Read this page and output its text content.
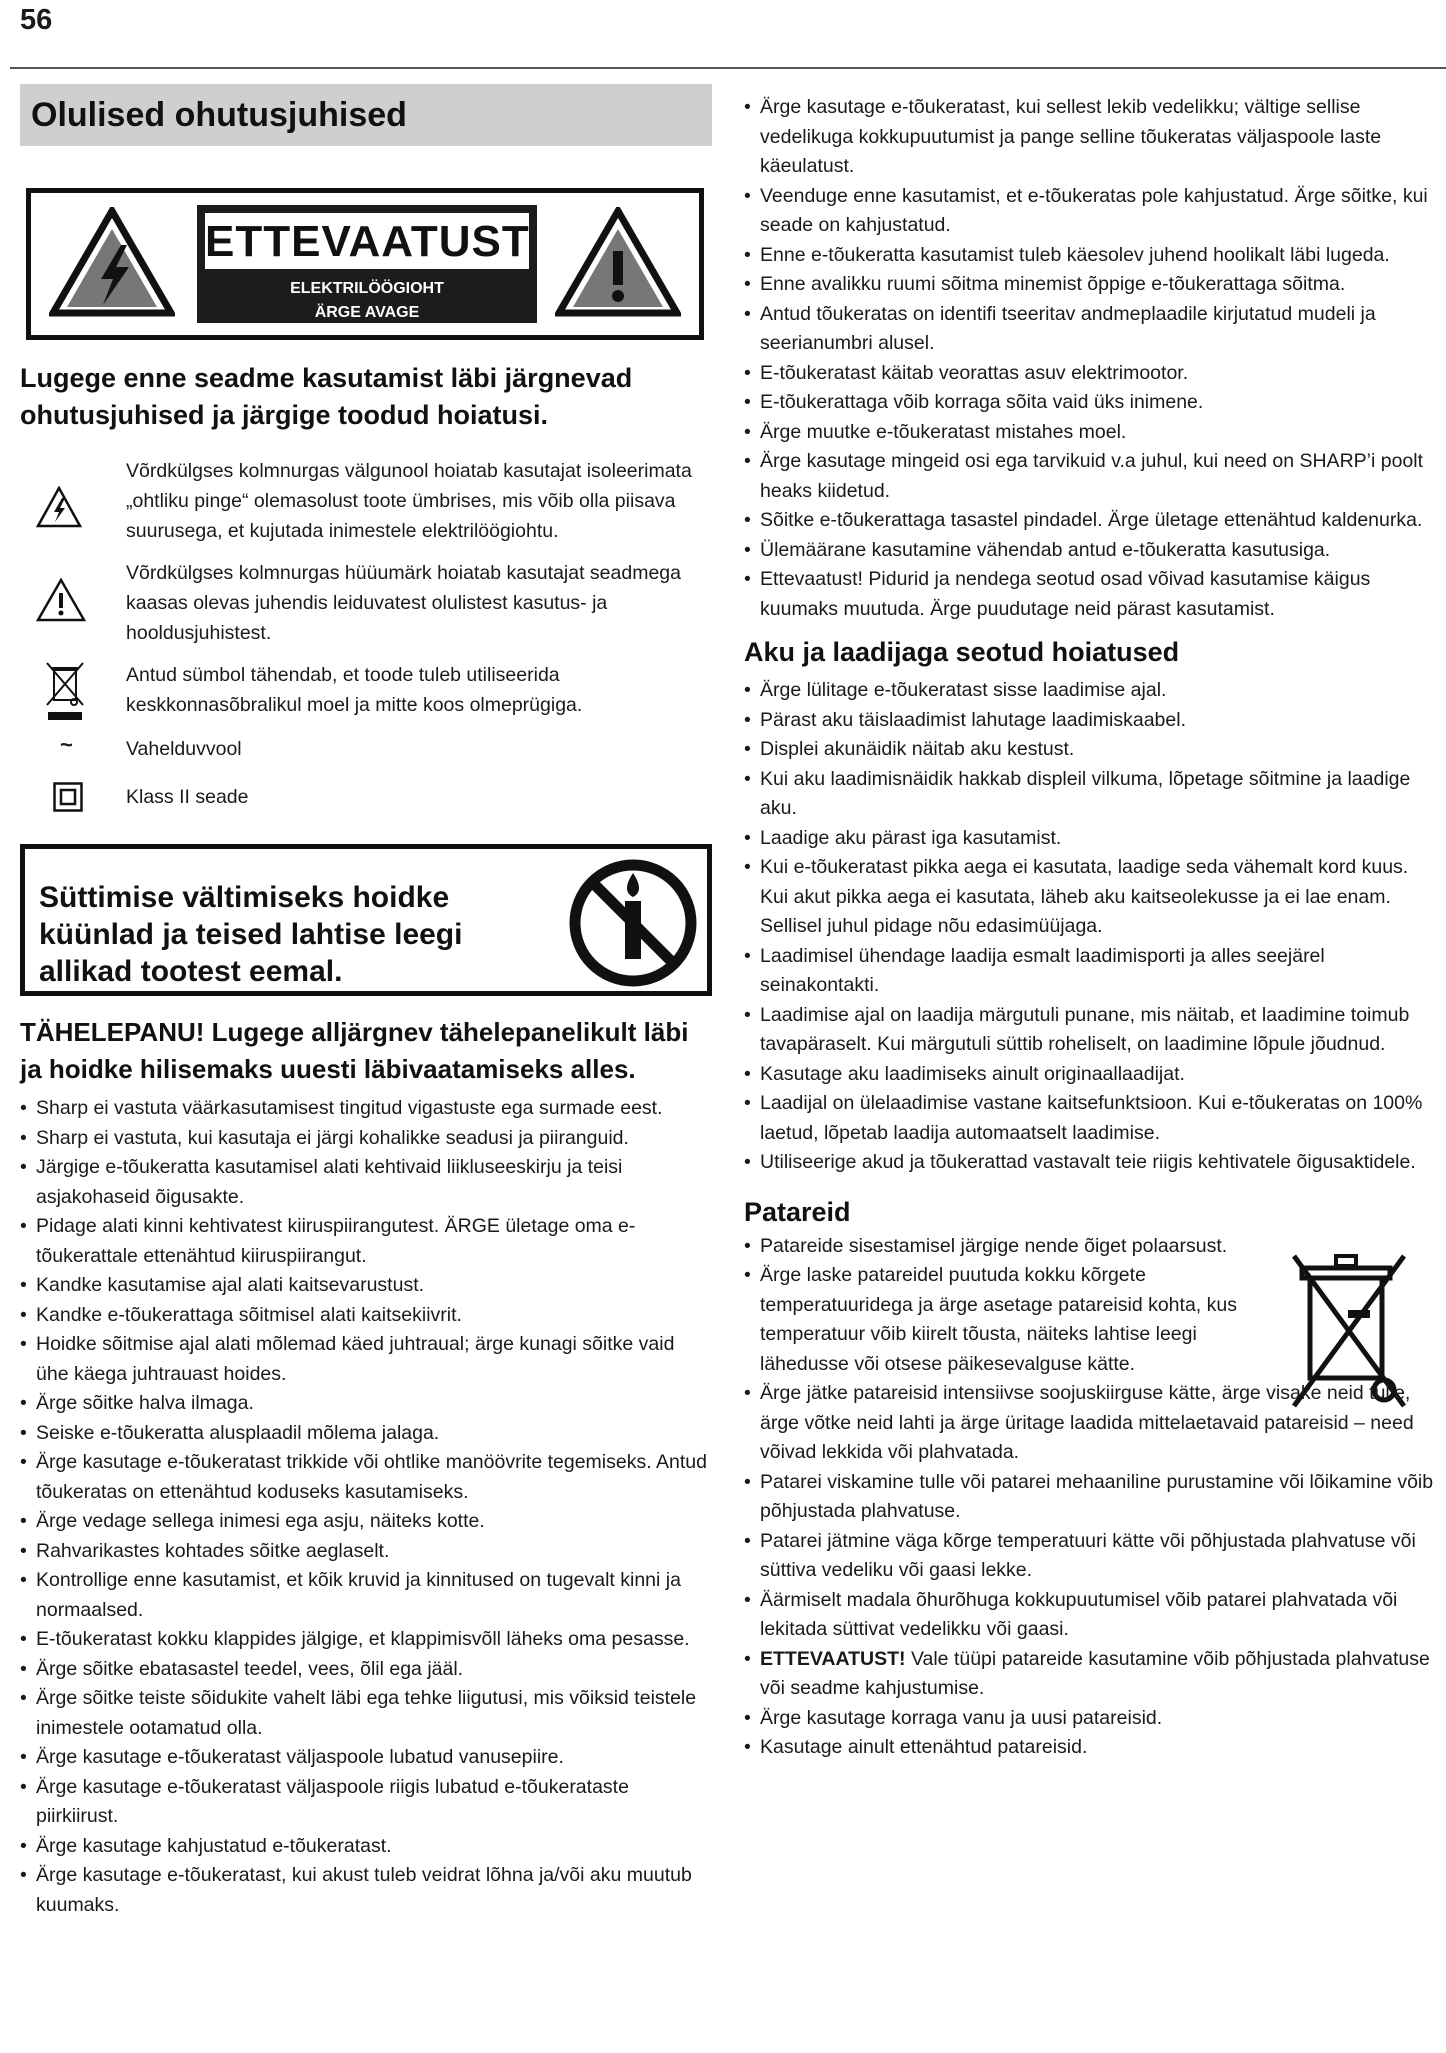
56
Olulised ohutusjuhised
ETTEVAATUST
ELEKTRILÖÖGIOHT
ÄRGE AVAGE
Lugege enne seadme kasutamist läbi järgnevad ohutusjuhised ja järgige toodud hoiatusi.
Võrdkülgses kolmnurgas välgunool hoiatab kasutajat isoleerimata „ohtliku pinge“ olemasolust toote ümbrises, mis võib olla piisava suurusega, et kujutada inimestele elektrilöögiohtu.
Võrdkülgses kolmnurgas hüüumärk hoiatab kasutajat seadmega kaasas olevas juhendis leiduvatest olulistest kasutus- ja hooldusjuhistest.
Antud sümbol tähendab, et toode tuleb utiliseerida keskkonnasõbralikul moel ja mitte koos olmeprügiga.
~	Vahelduvvool
Klass II seade
Süttimise vältimiseks hoidke küünlad ja teised lahtise leegi allikad tootest eemal.
TÄHELEPANU! Lugege alljärgnev tähelepanelikult läbi ja hoidke hilisemaks uuesti läbivaatamiseks alles.
• Sharp ei vastuta väärkasutamisest tingitud vigastuste ega surmade eest.
• Sharp ei vastuta, kui kasutaja ei järgi kohalikke seadusi ja piiranguid.
• Järgige e-tõukeratta kasutamisel alati kehtivaid liikluseeskirju ja teisi asjakohaseid õigusakte.
• Pidage alati kinni kehtivatest kiiruspiirangutest. ÄRGE ületage oma e-tõukerattale ettenähtud kiiruspiirangut.
• Kandke kasutamise ajal alati kaitsevarustust.
• Kandke e-tõukerattaga sõitmisel alati kaitsekiivrit.
• Hoidke sõitmise ajal alati mõlemad käed juhtraual; ärge kunagi sõitke vaid ühe käega juhtrauast hoides.
• Ärge sõitke halva ilmaga.
• Seiske e-tõukeratta alusplaadil mõlema jalaga.
• Ärge kasutage e-tõukeratast trikkide või ohtlike manöövrite tegemiseks. Antud tõukeratas on ettenähtud koduseks kasutamiseks.
• Ärge vedage sellega inimesi ega asju, näiteks kotte.
• Rahvarikastes kohtades sõitke aeglaselt.
• Kontrollige enne kasutamist, et kõik kruvid ja kinnitused on tugevalt kinni ja normaalsed.
• E-tõukeratast kokku klappides jälgige, et klappimisvõll läheks oma pesasse.
• Ärge sõitke ebatasastel teedel, vees, õlil ega jääl.
• Ärge sõitke teiste sõidukite vahelt läbi ega tehke liigutusi, mis võiksid teistele inimestele ootamatud olla.
• Ärge kasutage e-tõukeratast väljaspoole lubatud vanusepiire.
• Ärge kasutage e-tõukeratast väljaspoole riigis lubatud e-tõukerataste piirkiirust.
• Ärge kasutage kahjustatud e-tõukeratast.
• Ärge kasutage e-tõukeratast, kui akust tuleb veidrat lõhna ja/või aku muutub kuumaks.
• Ärge kasutage e-tõukeratast, kui sellest lekib vedelikku; vältige sellise vedelikuga kokkupuutumist ja pange selline tõukeratas väljaspoole laste käeulatust.
• Veenduge enne kasutamist, et e-tõukeratas pole kahjustatud. Ärge sõitke, kui seade on kahjustatud.
• Enne e-tõukeratta kasutamist tuleb käesolev juhend hoolikalt läbi lugeda.
• Enne avalikku ruumi sõitma minemist õppige e-tõukerattaga sõitma.
• Antud tõukeratas on identifi tseeritav andmeplaadile kirjutatud mudeli ja seerianumbri alusel.
• E-tõukeratast käitab veorattas asuv elektrimootor.
• E-tõukerattaga võib korraga sõita vaid üks inimene.
• Ärge muutke e-tõukeratast mistahes moel.
• Ärge kasutage mingeid osi ega tarvikuid v.a juhul, kui need on SHARP’i poolt heaks kiidetud.
• Sõitke e-tõukerattaga tasastel pindadel. Ärge ületage ettenähtud kaldenurka.
• Ülemäärane kasutamine vähendab antud e-tõukeratta kasutusiga.
• Ettevaatust! Pidurid ja nendega seotud osad võivad kasutamise käigus kuumaks muutuda. Ärge puudutage neid pärast kasutamist.
Aku ja laadijaga seotud hoiatused
• Ärge lülitage e-tõukeratast sisse laadimise ajal.
• Pärast aku täislaadimist lahutage laadimiskaabel.
• Displei akunäidik näitab aku kestust.
• Kui aku laadimisnäidik hakkab displeil vilkuma, lõpetage sõitmine ja laadige aku.
• Laadige aku pärast iga kasutamist.
• Kui e-tõukeratast pikka aega ei kasutata, laadige seda vähemalt kord kuus. Kui akut pikka aega ei kasutata, läheb aku kaitseolekusse ja ei lae enam. Sellisel juhul pidage nõu edasimüüjaga.
• Laadimisel ühendage laadija esmalt laadimisporti ja alles seejärel seinakontakti.
• Laadimise ajal on laadija märgutuli punane, mis näitab, et laadimine toimub tavapäraselt. Kui märgutuli süttib roheliselt, on laadimine lõpule jõudnud.
• Kasutage aku laadimiseks ainult originaallaadijat.
• Laadijal on ülelaadimise vastane kaitsefunktsioon. Kui e-tõukeratas on 100% laetud, lõpetab laadija automaatselt laadimise.
• Utiliseerige akud ja tõukerattad vastavalt teie riigis kehtivatele õigusaktidele.
Patareid
• Patareide sisestamisel järgige nende õiget polaarsust.
• Ärge laske patareidel puutuda kokku kõrgete temperatuuridega ja ärge asetage patareisid kohta, kus temperatuur võib kiirelt tõusta, näiteks lahtise leegi lähedusse või otsese päikesevalguse kätte.
• Ärge jätke patareisid intensiivse soojuskiirguse kätte, ärge visake neid tulle, ärge võtke neid lahti ja ärge üritage laadida mittelaetavaid patareisid – need võivad lekkida või plahvatada.
• Patarei viskamine tulle või patarei mehaaniline purustamine või lõikamine võib põhjustada plahvatuse.
• Patarei jätmine väga kõrge temperatuuri kätte või põhjustada plahvatuse või süttiva vedeliku või gaasi lekke.
• Äärmiselt madala õhurõhuga kokkupuutumisel võib patarei plahvatada või lekitada süttivat vedelikku või gaasi.
• ETTEVAATUST! Vale tüüpi patareide kasutamine võib põhjustada plahvatuse või seadme kahjustumise.
• Ärge kasutage korraga vanu ja uusi patareisid.
• Kasutage ainult ettenähtud patareisid.
